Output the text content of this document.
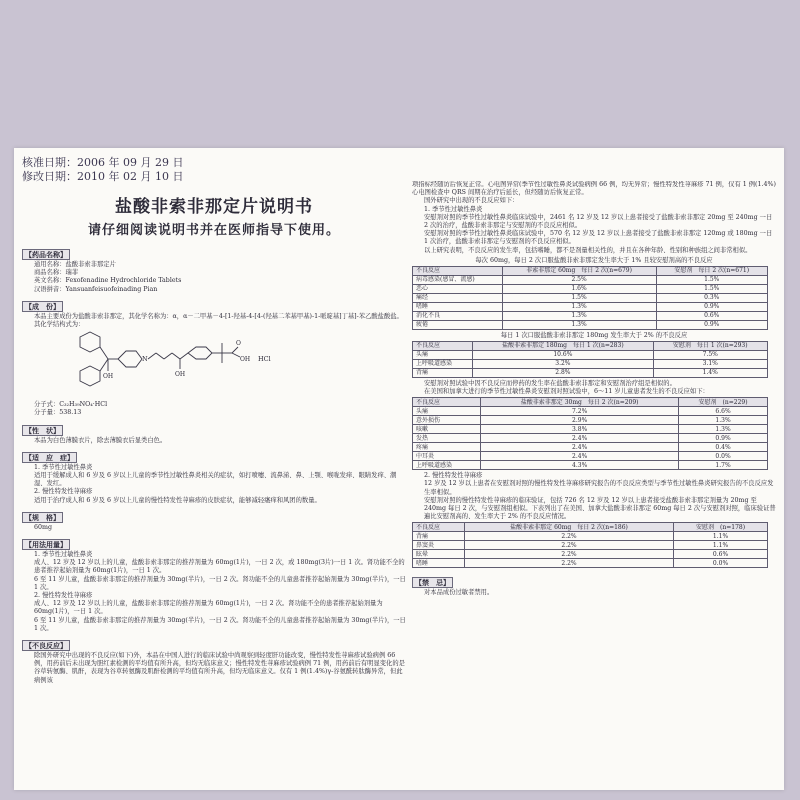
核准日期：2006 年 09 月 29 日
修改日期：2010 年 02 月 10 日
盐酸非索非那定片说明书
请仔细阅读说明书并在医师指导下使用。
【药品名称】

通用名称：盐酸非索非那定片

商品名称：瑞菲

英文名称：Fexofenadine Hydrochloride Tablets

汉语拼音：Yansuanfeisuofeinading Pian

【成　份】

本品主要成份为盐酸非索非那定，其化学名称为：α，α－二甲基－4-[1-羟基-4-[4-(羟基二苯基甲基)-1-哌啶基]丁基]-苯乙酸盐酸盐。

其化学结构式为：

N
OH	OH
O
OH HCl

分子式：C₃₂H₃₉NO₄·HCl

分子量：538.13

【性　状】

本品为白色薄膜衣片，除去薄膜衣后显类白色。

【适　应　症】

1. 季节性过敏性鼻炎

适用于缓解成人和 6 岁及 6 岁以上儿童的季节性过敏性鼻炎相关的症状，如打喷嚏、流鼻涕、鼻、上颚、喉咙发痒、眼睛发痒、潮湿、发红。

2. 慢性特发性荨麻疹

适用于治疗成人和 6 岁及 6 岁以上儿童的慢性特发性荨麻疹的皮肤症状，能够减轻瘙痒和风团的数量。

【规　格】

60mg

【用法用量】

1. 季节性过敏性鼻炎

成人、12 岁及 12 岁以上的儿童，盐酸非索非那定的推荐剂量为 60mg(1片)，一日 2 次，或 180mg(3片)一日 1 次。肾功能不全的患者推荐起始剂量为 60mg(1片)，一日 1 次。

6 至 11 岁儿童，盐酸非索非那定的推荐剂量为 30mg(半片)，一日 2 次。肾功能不全的儿童患者推荐起始剂量为 30mg(半片)，一日 1 次。

2. 慢性特发性荨麻疹

成人、12 岁及 12 岁以上的儿童，盐酸非索非那定的推荐剂量为 60mg(1片)，一日 2 次。肾功能不全的患者推荐起始剂量为 60mg(1片)，一日 1 次。

6 至 11 岁儿童，盐酸非索非那定的推荐剂量为 30mg(半片)，一日 2 次。肾功能不全的儿童患者推荐起始剂量为 30mg(半片)，一日 1 次。

【不良反应】

除国外研究中出现的不良反应(如下)外，本品在中国人进行的临床试验中尚观察到轻度肝功能改变，慢性特发性荨麻疹试验病例 66 例，用药前后未出现为胆红素检测的平均值有所升高，但均无临床意义；慢性特发性荨麻疹试验病例 71 例，用药前后有明显变化的是谷草转氨酶、肌酐，表现为谷草转氨酶及肌酐检测的平均值有所升高，但均无临床意义。仅有 1 例(1.4%)γ-谷氨酰转肽酶异常，但此病例该

项指标经随访后恢复正常。心电图异常(季节性过敏性鼻炎试验病例 66 例，均无异常；慢性特发性荨麻疹 71 例，仅有 1 例(1.4%)心电图检查中 QRS 间期在治疗后延长，但经随访后恢复正常。

国外研究中出现的不良反应如下：

1. 季节性过敏性鼻炎

安慰剂对照的季节性过敏性鼻炎临床试验中，2461 名 12 岁及 12 岁以上患者接受了盐酸非索非那定 20mg 至 240mg 一日 2 次的治疗，盐酸非索非那定与安慰剂的不良反应相似。

安慰剂对照的季节性过敏性鼻炎临床试验中，570 名 12 岁及 12 岁以上患者接受了盐酸非索非那定 120mg 或 180mg 一日 1 次治疗，盐酸非索非那定与安慰剂的不良反应相似。

以上研究表明，不良反应的发生率，包括嗜睡，都不是剂量相关性的，并且在各种年龄、性别和种族组之间非常相似。

每次 60mg，每日 2 次口服盐酸非索非那定发生率大于 1% 且较安慰剂高的不良反应
不良反应	非索非那定 60mg　每日 2 次(n=679)	安慰剂　每日 2 次(n=671)
病毒感染(感冒、流感)	2.5%	1.5%
恶心	1.6%	1.5%
痛经	1.5%	0.3%
嗜睡	1.3%	0.9%
消化不良	1.3%	0.6%
疲倦	1.3%	0.9%
每日 1 次口服盐酸非索非那定 180mg 发生率大于 2% 的不良反应
不良反应	盐酸非索非那定 180mg　每日 1 次(n=283)	安慰剂　每日 1 次(n=293)
头痛	10.6%	7.5%
上呼吸道感染	3.2%	3.1%
背痛	2.8%	1.4%

安慰剂对照试验中因不良反应而停药的发生率在盐酸非索非那定和安慰剂治疗组是相似的。

在美国和加拿大进行的季节性过敏性鼻炎安慰剂对照试验中，6～11 岁儿童患者发生的不良反应如下：

不良反应	盐酸非索非那定 30mg　每日 2 次(n=209)	安慰剂　(n=229)
头痛	7.2%	6.6%
意外损伤	2.9%	1.3%
咳嗽	3.8%	1.3%
发热	2.4%	0.9%
疼痛	2.4%	0.4%
中耳炎	2.4%	0.0%
上呼吸道感染	4.3%	1.7%

2. 慢性特发性荨麻疹

12 岁及 12 岁以上患者在安慰剂对照的慢性特发性荨麻疹研究报告的不良反应类型与季节性过敏性鼻炎研究报告的不良反应发生率相似。

安慰剂对照的慢性特发性荨麻疹的临床验证，包括 726 名 12 岁及 12 岁以上患者接受盐酸非索非那定剂量为 20mg 至 240mg 每日 2 次，与安慰剂组相似。下表列出了在美国、加拿大盐酸非索非那定 60mg 每日 2 次与安慰剂对照，临床验证普遍比安慰剂高的、发生率大于 2% 的不良反应情况。

不良反应	盐酸非索非那定 60mg　每日 2 次(n=186)	安慰剂　(n=178)
背痛	2.2%	1.1%
鼻窦炎	2.2%	1.1%
眩晕	2.2%	0.6%
嗜睡	2.2%	0.0%
【禁　忌】

对本品成份过敏者禁用。
